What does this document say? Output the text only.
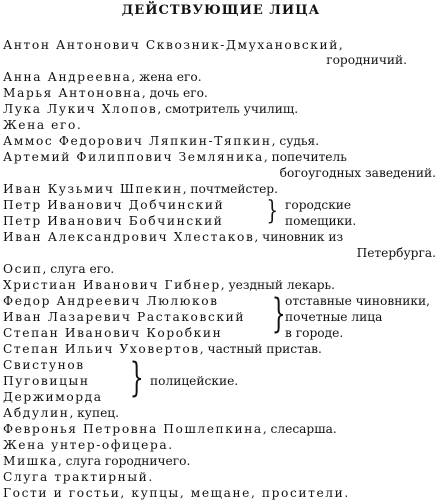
ДЕЙСТВУЮЩИЕ ЛИЦА
Антон Антонович Сквозник-Дмухановский,
городничий.
Анна Андреевна, жена его.
Марья Антоновна, дочь его.
Лука Лукич Хлопов, смотритель училищ.
Жена его.
Аммос Федорович Ляпкин-Тяпкин, судья.
Артемий Филиппович Земляника, попечитель
богоугодных заведений.
Иван Кузьмич Шпекин, почтмейстер.
Петр Иванович Добчинский
Петр Иванович Бобчинский } городские
помещики.
Иван Александрович Хлестаков, чиновник из
Петербурга.
Осип, слуга его.
Христиан Иванович Гибнер, уездный лекарь.
Федор Андреевич Люлюков
Иван Лазаревич Растаковский
Степан Иванович Коробкин } отставные чиновники,
почетные лица
в городе.
Степан Ильич Уховертов, частный пристав.
Свистунов
Пуговицын
Держиморда } полицейские.
Абдулин, купец.
Февронья Петровна Пошлепкина, слесарша.
Жена унтер-офицера.
Мишка, слуга городничего.
Слуга трактирный.
Гости и гостьи, купцы, мещане, просители.
